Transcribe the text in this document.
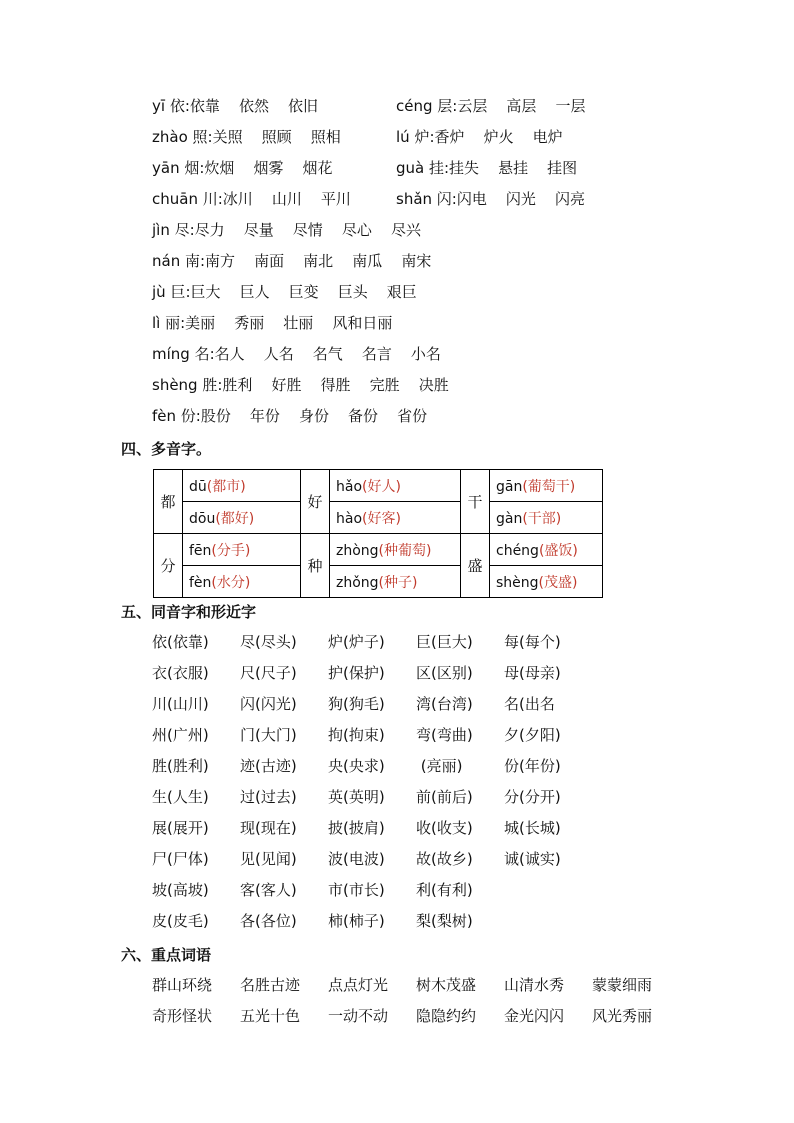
yī 依:依靠    依然    依旧	céng 层:云层    高层    一层
zhào 照:关照    照顾    照相	lú 炉:香炉    炉火    电炉
yān 烟:炊烟    烟雾    烟花	guà 挂:挂失    悬挂    挂图
chuān 川:冰川    山川    平川	shǎn 闪:闪电    闪光    闪亮
jìn 尽:尽力    尽量    尽情    尽心    尽兴
nán 南:南方    南面    南北    南瓜    南宋
jù 巨:巨大    巨人    巨变    巨头    艰巨
lì 丽:美丽    秀丽    壮丽    风和日丽
míng 名:名人    人名    名气    名言    小名
shèng 胜:胜利    好胜    得胜    完胜    决胜
fèn 份:股份    年份    身份    备份    省份
四、多音字。
都	dū(都市)	好	hǎo(好人)	干	gān(葡萄干)
	dōu(都好)		hào(好客)		gàn(干部)
分	fēn(分手)	种	zhòng(种葡萄)	盛	chéng(盛饭)
	fèn(水分)		zhǒng(种子)		shèng(茂盛)
五、同音字和形近字
依(依靠) 尽(尽头) 炉(炉子) 巨(巨大) 每(每个)
衣(衣服) 尺(尺子) 护(保护) 区(区别) 母(母亲)
川(山川) 闪(闪光) 狗(狗毛) 湾(台湾) 名(出名
州(广州) 门(大门) 拘(拘束) 弯(弯曲) 夕(夕阳)
胜(胜利) 迹(古迹) 央(央求) (亮丽)	份(年份)
生(人生) 过(过去) 英(英明) 前(前后) 分(分开)
展(展开) 现(现在) 披(披肩) 收(收支) 城(长城)
尸(尸体) 见(见闻) 波(电波) 故(故乡) 诚(诚实)
坡(高坡) 客(客人) 市(市长) 利(有利)
皮(皮毛) 各(各位) 柿(柿子) 梨(梨树)
六、重点词语
群山环绕 名胜古迹 点点灯光 树木茂盛 山清水秀 蒙蒙细雨
奇形怪状 五光十色 一动不动 隐隐约约 金光闪闪 风光秀丽
